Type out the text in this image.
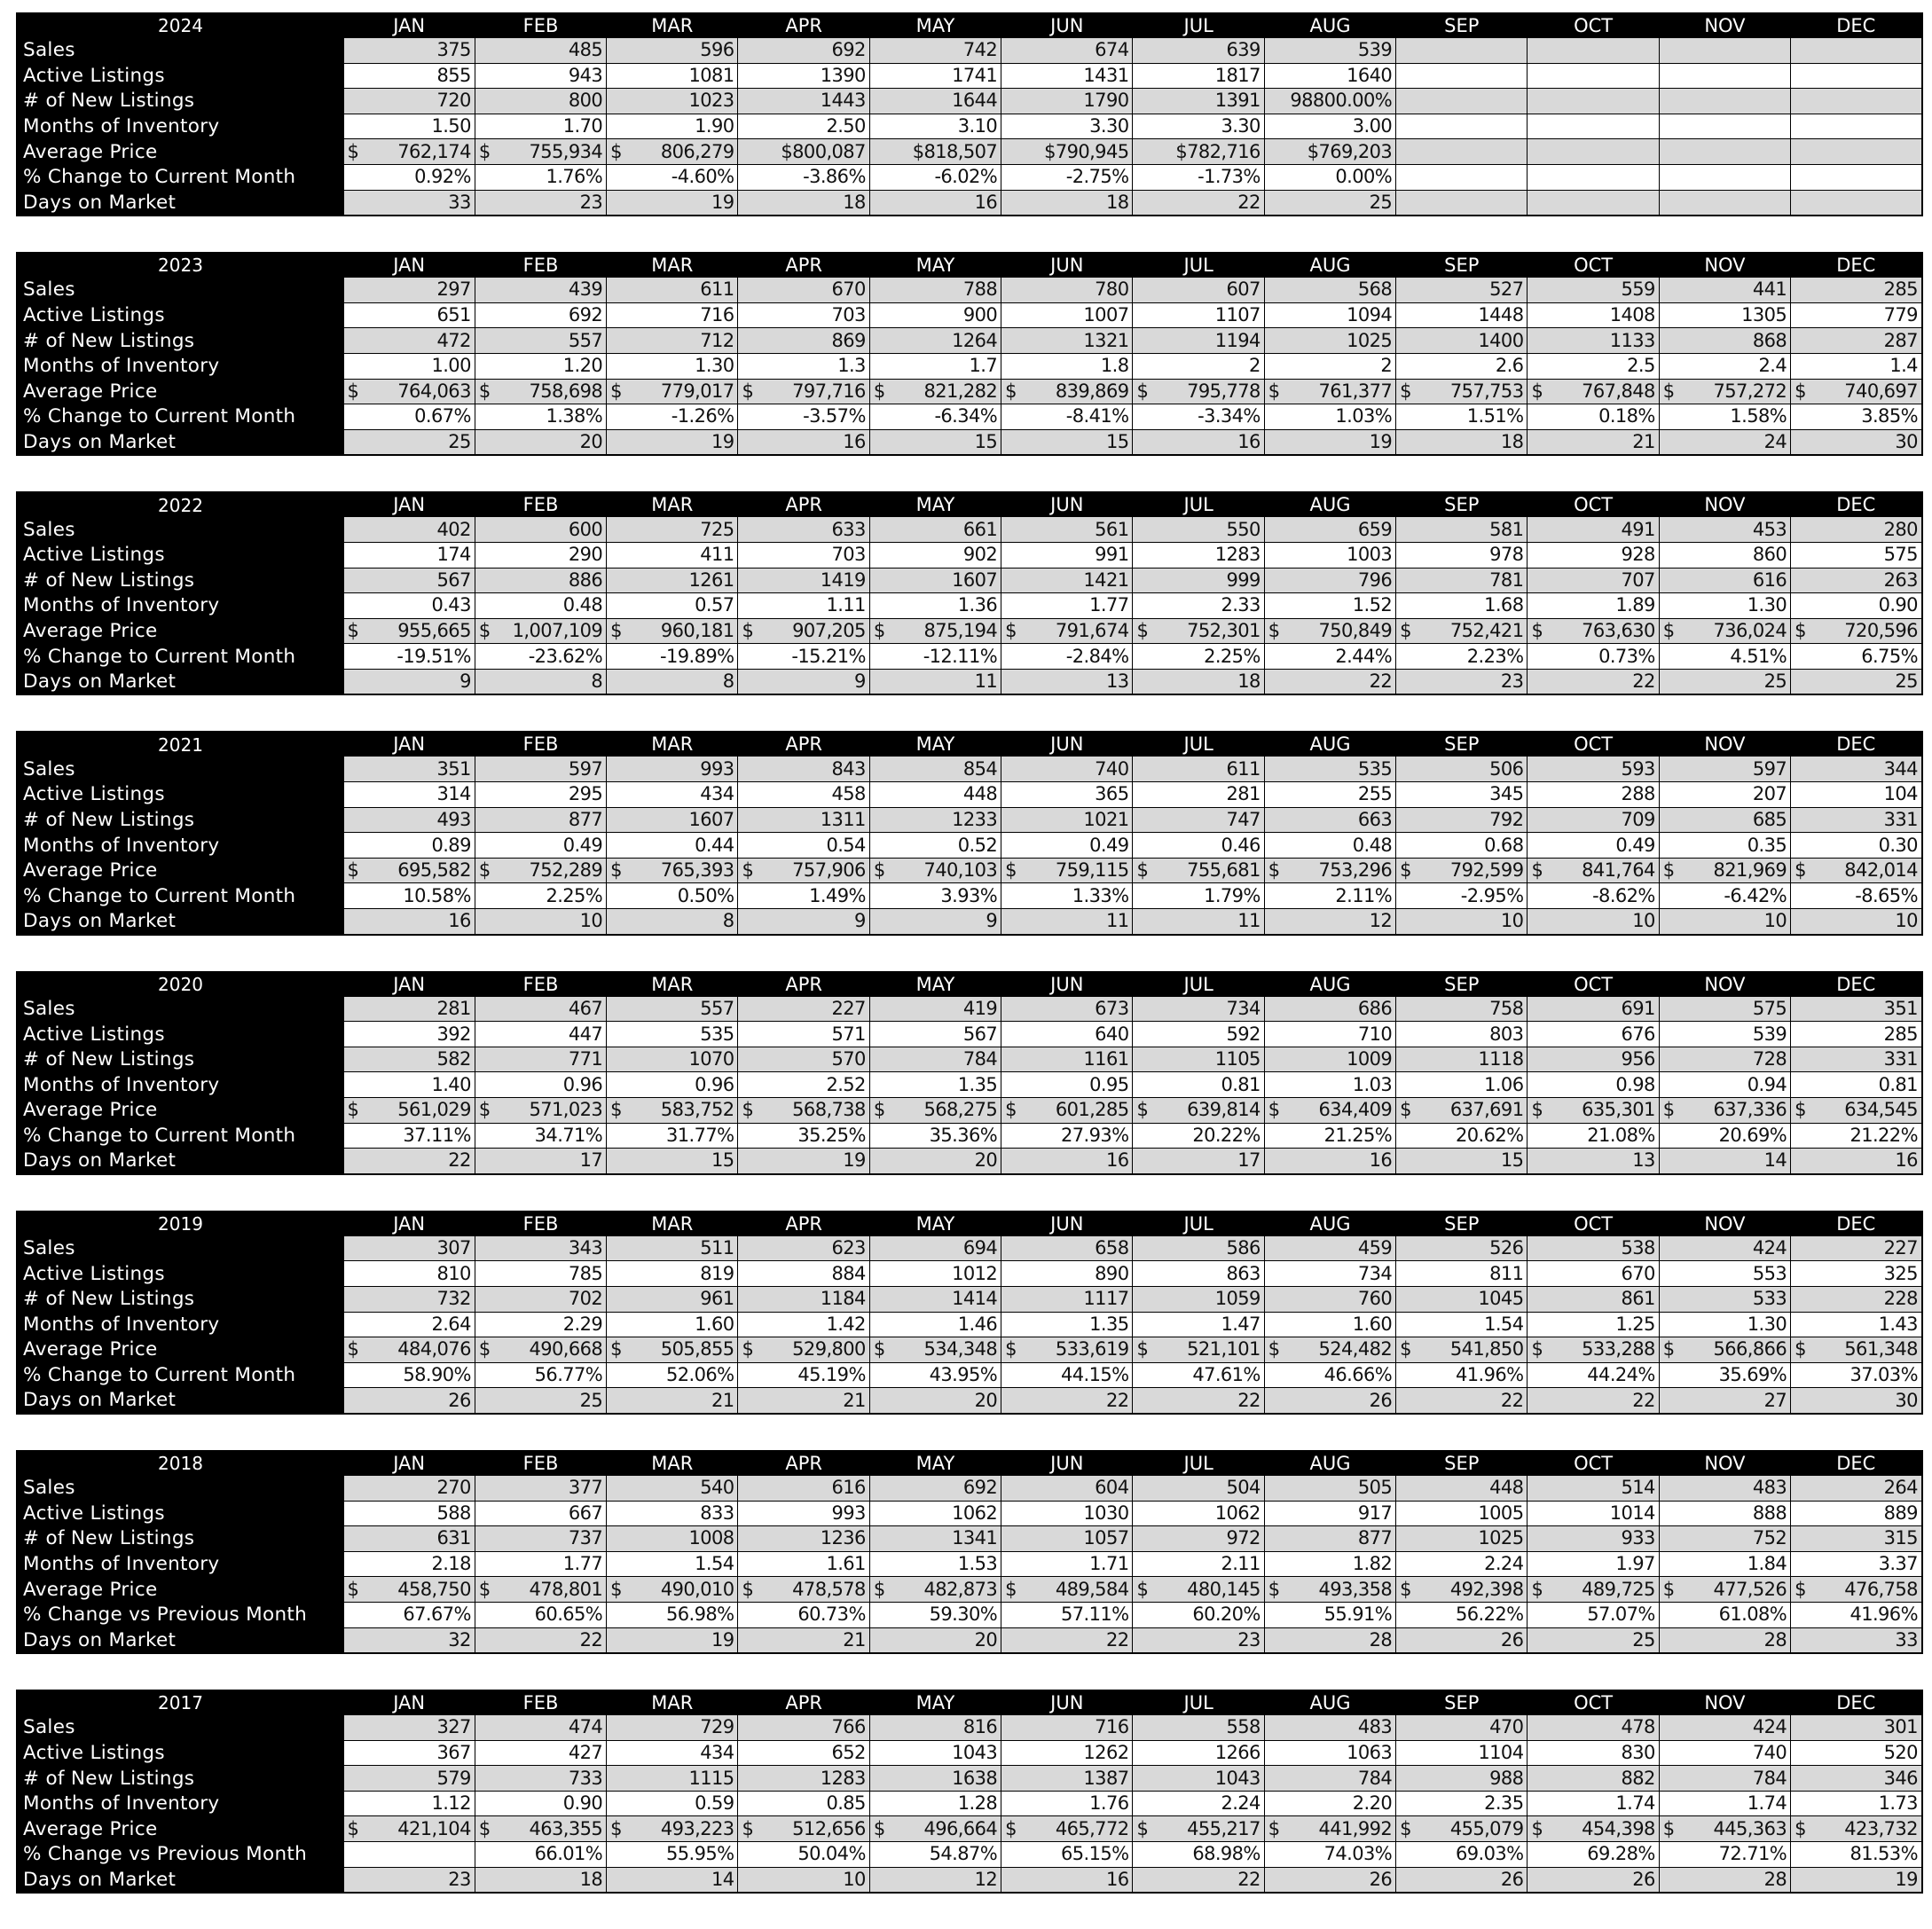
2024	JAN	FEB	MAR	APR	MAY	JUN	JUL	AUG	SEP	OCT	NOV	DEC
Sales	375	485	596	692	742	674	639	539				
Active Listings	855	943	1081	1390	1741	1431	1817	1640				
# of New Listings	720	800	1023	1443	1644	1790	1391	98800.00%				
Months of Inventory	1.50	1.70	1.90	2.50	3.10	3.30	3.30	3.00				
Average Price	$ 762,174	$ 755,934	$ 806,279	$800,087	$818,507	$790,945	$782,716	$769,203				
% Change to Current Month	0.92%	1.76%	-4.60%	-3.86%	-6.02%	-2.75%	-1.73%	0.00%				
Days on Market	33	23	19	18	16	18	22	25				
2023	JAN	FEB	MAR	APR	MAY	JUN	JUL	AUG	SEP	OCT	NOV	DEC
Sales	297	439	611	670	788	780	607	568	527	559	441	285
Active Listings	651	692	716	703	900	1007	1107	1094	1448	1408	1305	779
# of New Listings	472	557	712	869	1264	1321	1194	1025	1400	1133	868	287
Months of Inventory	1.00	1.20	1.30	1.3	1.7	1.8	2	2	2.6	2.5	2.4	1.4
Average Price	$ 764,063	$ 758,698	$ 779,017	$ 797,716	$ 821,282	$ 839,869	$ 795,778	$ 761,377	$ 757,753	$ 767,848	$ 757,272	$ 740,697
% Change to Current Month	0.67%	1.38%	-1.26%	-3.57%	-6.34%	-8.41%	-3.34%	1.03%	1.51%	0.18%	1.58%	3.85%
Days on Market	25	20	19	16	15	15	16	19	18	21	24	30
2022	JAN	FEB	MAR	APR	MAY	JUN	JUL	AUG	SEP	OCT	NOV	DEC
Sales	402	600	725	633	661	561	550	659	581	491	453	280
Active Listings	174	290	411	703	902	991	1283	1003	978	928	860	575
# of New Listings	567	886	1261	1419	1607	1421	999	796	781	707	616	263
Months of Inventory	0.43	0.48	0.57	1.11	1.36	1.77	2.33	1.52	1.68	1.89	1.30	0.90
Average Price	$ 955,665	$ 1,007,109	$ 960,181	$ 907,205	$ 875,194	$ 791,674	$ 752,301	$ 750,849	$ 752,421	$ 763,630	$ 736,024	$ 720,596
% Change to Current Month	-19.51%	-23.62%	-19.89%	-15.21%	-12.11%	-2.84%	2.25%	2.44%	2.23%	0.73%	4.51%	6.75%
Days on Market	9	8	8	9	11	13	18	22	23	22	25	25
2021	JAN	FEB	MAR	APR	MAY	JUN	JUL	AUG	SEP	OCT	NOV	DEC
Sales	351	597	993	843	854	740	611	535	506	593	597	344
Active Listings	314	295	434	458	448	365	281	255	345	288	207	104
# of New Listings	493	877	1607	1311	1233	1021	747	663	792	709	685	331
Months of Inventory	0.89	0.49	0.44	0.54	0.52	0.49	0.46	0.48	0.68	0.49	0.35	0.30
Average Price	$ 695,582	$ 752,289	$ 765,393	$ 757,906	$ 740,103	$ 759,115	$ 755,681	$ 753,296	$ 792,599	$ 841,764	$ 821,969	$ 842,014
% Change to Current Month	10.58%	2.25%	0.50%	1.49%	3.93%	1.33%	1.79%	2.11%	-2.95%	-8.62%	-6.42%	-8.65%
Days on Market	16	10	8	9	9	11	11	12	10	10	10	10
2020	JAN	FEB	MAR	APR	MAY	JUN	JUL	AUG	SEP	OCT	NOV	DEC
Sales	281	467	557	227	419	673	734	686	758	691	575	351
Active Listings	392	447	535	571	567	640	592	710	803	676	539	285
# of New Listings	582	771	1070	570	784	1161	1105	1009	1118	956	728	331
Months of Inventory	1.40	0.96	0.96	2.52	1.35	0.95	0.81	1.03	1.06	0.98	0.94	0.81
Average Price	$ 561,029	$ 571,023	$ 583,752	$ 568,738	$ 568,275	$ 601,285	$ 639,814	$ 634,409	$ 637,691	$ 635,301	$ 637,336	$ 634,545
% Change to Current Month	37.11%	34.71%	31.77%	35.25%	35.36%	27.93%	20.22%	21.25%	20.62%	21.08%	20.69%	21.22%
Days on Market	22	17	15	19	20	16	17	16	15	13	14	16
2019	JAN	FEB	MAR	APR	MAY	JUN	JUL	AUG	SEP	OCT	NOV	DEC
Sales	307	343	511	623	694	658	586	459	526	538	424	227
Active Listings	810	785	819	884	1012	890	863	734	811	670	553	325
# of New Listings	732	702	961	1184	1414	1117	1059	760	1045	861	533	228
Months of Inventory	2.64	2.29	1.60	1.42	1.46	1.35	1.47	1.60	1.54	1.25	1.30	1.43
Average Price	$ 484,076	$ 490,668	$ 505,855	$ 529,800	$ 534,348	$ 533,619	$ 521,101	$ 524,482	$ 541,850	$ 533,288	$ 566,866	$ 561,348
% Change to Current Month	58.90%	56.77%	52.06%	45.19%	43.95%	44.15%	47.61%	46.66%	41.96%	44.24%	35.69%	37.03%
Days on Market	26	25	21	21	20	22	22	26	22	22	27	30
2018	JAN	FEB	MAR	APR	MAY	JUN	JUL	AUG	SEP	OCT	NOV	DEC
Sales	270	377	540	616	692	604	504	505	448	514	483	264
Active Listings	588	667	833	993	1062	1030	1062	917	1005	1014	888	889
# of New Listings	631	737	1008	1236	1341	1057	972	877	1025	933	752	315
Months of Inventory	2.18	1.77	1.54	1.61	1.53	1.71	2.11	1.82	2.24	1.97	1.84	3.37
Average Price	$ 458,750	$ 478,801	$ 490,010	$ 478,578	$ 482,873	$ 489,584	$ 480,145	$ 493,358	$ 492,398	$ 489,725	$ 477,526	$ 476,758
% Change vs Previous Month	67.67%	60.65%	56.98%	60.73%	59.30%	57.11%	60.20%	55.91%	56.22%	57.07%	61.08%	41.96%
Days on Market	32	22	19	21	20	22	23	28	26	25	28	33
2017	JAN	FEB	MAR	APR	MAY	JUN	JUL	AUG	SEP	OCT	NOV	DEC
Sales	327	474	729	766	816	716	558	483	470	478	424	301
Active Listings	367	427	434	652	1043	1262	1266	1063	1104	830	740	520
# of New Listings	579	733	1115	1283	1638	1387	1043	784	988	882	784	346
Months of Inventory	1.12	0.90	0.59	0.85	1.28	1.76	2.24	2.20	2.35	1.74	1.74	1.73
Average Price	$ 421,104	$ 463,355	$ 493,223	$ 512,656	$ 496,664	$ 465,772	$ 455,217	$ 441,992	$ 455,079	$ 454,398	$ 445,363	$ 423,732
% Change vs Previous Month		66.01%	55.95%	50.04%	54.87%	65.15%	68.98%	74.03%	69.03%	69.28%	72.71%	81.53%
Days on Market	23	18	14	10	12	16	22	26	26	26	28	19
